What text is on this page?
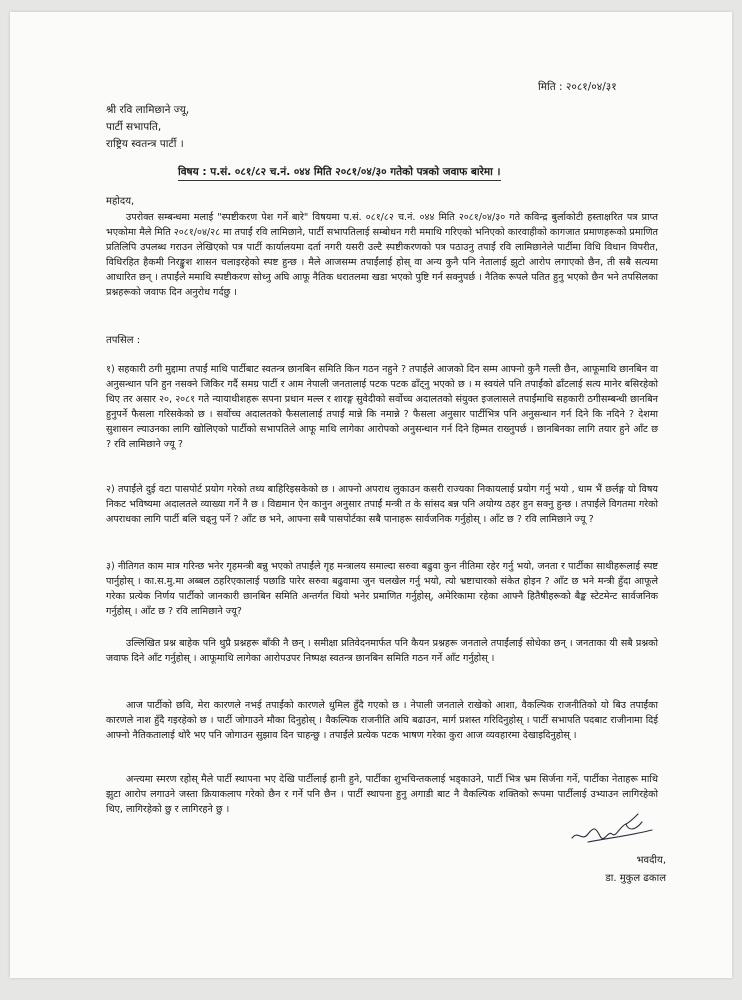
मिति : २०८१/०४/३१
श्री रवि लामिछाने ज्यू,
पार्टी सभापति,
राष्ट्रिय स्वतन्त्र पार्टी ।
विषय : प.सं. ०८१/८२ च.नं. ०४४ मिति २०८१/०४/३० गतेको पत्रको जवाफ बारेमा ।
महोदय,
उपरोक्त सम्बन्धमा मलाई "स्पष्टीकरण पेश गर्ने बारे" विषयमा प.सं. ०८१/८२ च.नं. ०४४ मिति २०८१/०४/३० गते कविन्द्र बुर्लाकोटी हस्ताक्षरित पत्र प्राप्त भएकोमा मैले मिति २०८१/०४/२८ मा तपाईं रवि लामिछाने, पार्टी सभापतिलाई सम्बोधन गरी ममाथि गरिएको भनिएको कारवाहीको कागजात प्रमाणहरूको प्रमाणित प्रतिलिपि उपलब्ध गराउन लेखिएको पत्र पार्टी कार्यालयमा दर्ता नगरी यसरी उल्टै स्पष्टीकरणको पत्र पठाउनु तपाईं रवि लामिछानेले पार्टीमा विधि विधान विपरीत, विधिरहित हैकमी निरङ्कुश शासन चलाइरहेको स्पष्ट हुन्छ । मैले आजसम्म तपाईंलाई होस् वा अन्य कुनै पनि नेतालाई झुटो आरोप लगाएको छैन, ती सबै सत्यमा आधारित छन् । तपाईंले ममाथि स्पष्टीकरण सोध्नु अघि आफू नैतिक धरातलमा खडा भएको पुष्टि गर्न सक्नुपर्छ । नैतिक रूपले पतित हुनु भएको छैन भने तपसिलका प्रश्नहरूको जवाफ दिन अनुरोध गर्दछु ।
तपसिल :
१) सहकारी ठगी मुद्दामा तपाईं माथि पार्टीबाट स्वतन्त्र छानबिन समिति किन गठन नहुने ? तपाईंले आजको दिन सम्म आफ्नो कुनै गल्ती छैन, आफूमाथि छानबिन वा अनुसन्धान पनि हुन नसक्ने जिकिर गर्दै समग्र पार्टी र आम नेपाली जनतालाई पटक पटक ढाँट्नु भएको छ । म स्वयंले पनि तपाईंको ढाँटलाई सत्य मानेर बसिरहेको थिए तर असार २०, २०८१ गते न्यायाधीशहरू सपना प्रधान मल्ल र शारङ्ग सुवेदीको सर्वोच्च अदालतको संयुक्त इजलासले तपाईंमाथि सहकारी ठगीसम्बन्धी छानबिन हुनुपर्ने फैसला गरिसकेको छ । सर्वोच्च अदालतको फैसलालाई तपाईं मान्ने कि नमान्ने ? फैसला अनुसार पार्टीभित्र पनि अनुसन्धान गर्न दिने कि नदिने ? देशमा सुशासन ल्याउनका लागि खोलिएको पार्टीको सभापतिले आफू माथि लागेका आरोपको अनुसन्धान गर्न दिने हिम्मत राख्नुपर्छ । छानबिनका लागि तयार हुने आँट छ ? रवि लामिछाने ज्यू ?
२) तपाईंले दुई वटा पासपोर्ट प्रयोग गरेको तथ्य बाहिरिइसकेको छ । आफ्नो अपराध लुकाउन कसरी राज्यका निकायलाई प्रयोग गर्नु भयो , धाम भैं छर्लङ्ग यो विषय निकट भविष्यमा अदालतले व्याख्या गर्ने नै छ । विद्यमान ऐन कानुन अनुसार तपाईं मन्त्री त के सांसद बन्न पनि अयोग्य ठहर हुन सक्नु हुन्छ । तपाईंले विगतमा गरेको अपराधका लागि पार्टी बलि चढ्नु पर्ने ? आँट छ भने, आफ्ना सबै पासपोर्टका सबै पानाहरू सार्वजनिक गर्नुहोस् । आँट छ ? रवि लामिछाने ज्यू ?
३) नीतिगत काम मात्र गरिन्छ भनेर गृहमन्त्री बन्नु भएको तपाईंले गृह मन्त्रालय समाल्दा सरुवा बढुवा कुन नीतिमा रहेर गर्नु भयो, जनता र पार्टीका साथीहरूलाई स्पष्ट पार्नुहोस् । का.स.मु.मा अब्बल ठहरिएकालाई पछाडि पारेर सरुवा बढुवामा जुन चलखेल गर्नु भयो, त्यो भ्रष्टाचारको संकेत होइन ? आँट छ भने मन्त्री हुँदा आफूले गरेका प्रत्येक निर्णय पार्टीको जानकारी छानबिन समिति अन्तर्गत थियो भनेर प्रमाणित गर्नुहोस्, अमेरिकामा रहेका आफ्नै हितैषीहरूको बैङ्क स्टेटमेन्ट सार्वजनिक गर्नुहोस् । आँट छ ? रवि लामिछाने ज्यू?
उल्लिखित प्रश्न बाहेक पनि थुप्रै प्रश्नहरू बाँकी नै छन् । समीक्षा प्रतिवेदनमार्फत पनि कैयन प्रश्नहरू जनताले तपाईंलाई सोधेका छन् । जनताका यी सबै प्रश्नको जवाफ दिने आँट गर्नुहोस् । आफूमाथि लागेका आरोपउपर निष्पक्ष स्वतन्त्र छानबिन समिति गठन गर्ने आँट गर्नुहोस् ।
आज पार्टीको छवि, मेरा कारणले नभई तपाईंको कारणले धुमिल हुँदै गएको छ । नेपाली जनताले राखेको आशा, वैकल्पिक राजनीतिको यो बिउ तपाईंका कारणले नाश हुँदै गइरहेको छ । पार्टी जोगाउने मौका दिनुहोस् । वैकल्पिक राजनीति अघि बढाउन, मार्ग प्रशस्त गरिदिनुहोस् । पार्टी सभापति पदबाट राजीनामा दिई आफ्नो नैतिकतालाई थोरै भए पनि जोगाउन सुझाव दिन चाहन्छु । तपाईंले प्रत्येक पटक भाषण गरेका कुरा आज व्यवहारमा देखाइदिनुहोस् ।
अन्त्यमा स्मरण रहोस् मैले पार्टी स्थापना भए देखि पार्टीलाई हानी हुने, पार्टीका शुभचिन्तकलाई भड्काउने, पार्टी भित्र भ्रम सिर्जना गर्ने, पार्टीका नेताहरू माथि झुटा आरोप लगाउने जस्ता क्रियाकलाप गरेको छैन र गर्ने पनि छैन । पार्टी स्थापना हुनु अगाडी बाट नै वैकल्पिक शक्तिको रूपमा पार्टीलाई उभ्याउन लागिरहेको थिए, लागिरहेको छु र लागिरहने छु ।
भवदीय,
डा. मुकुल ढकाल
